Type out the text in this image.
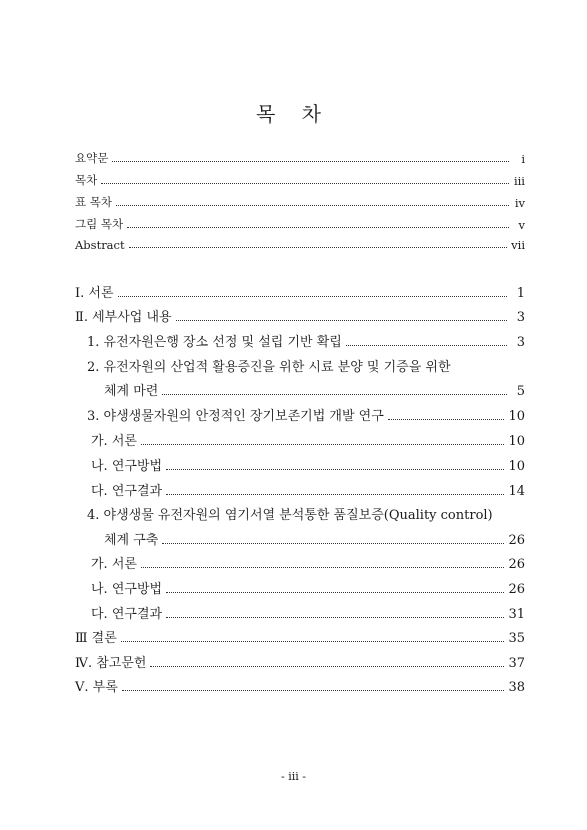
목 차
요약문	i
목차	iii
표 목차	iv
그림 목차	v
Abstract	vii
Ⅰ. 서론	1
Ⅱ. 세부사업 내용	3
1. 유전자원은행 장소 선정 및 설립 기반 확립	3
2. 유전자원의 산업적 활용증진을 위한 시료 분양 및 기증을 위한
체계 마련	5
3. 야생생물자원의 안정적인 장기보존기법 개발 연구	10
가. 서론	10
나. 연구방법	10
다. 연구결과	14
4. 야생생물 유전자원의 염기서열 분석통한 품질보증(Quality control)
체계 구축	26
가. 서론	26
나. 연구방법	26
다. 연구결과	31
Ⅲ 결론	35
Ⅳ. 참고문헌	37
Ⅴ. 부록	38
- iii -
